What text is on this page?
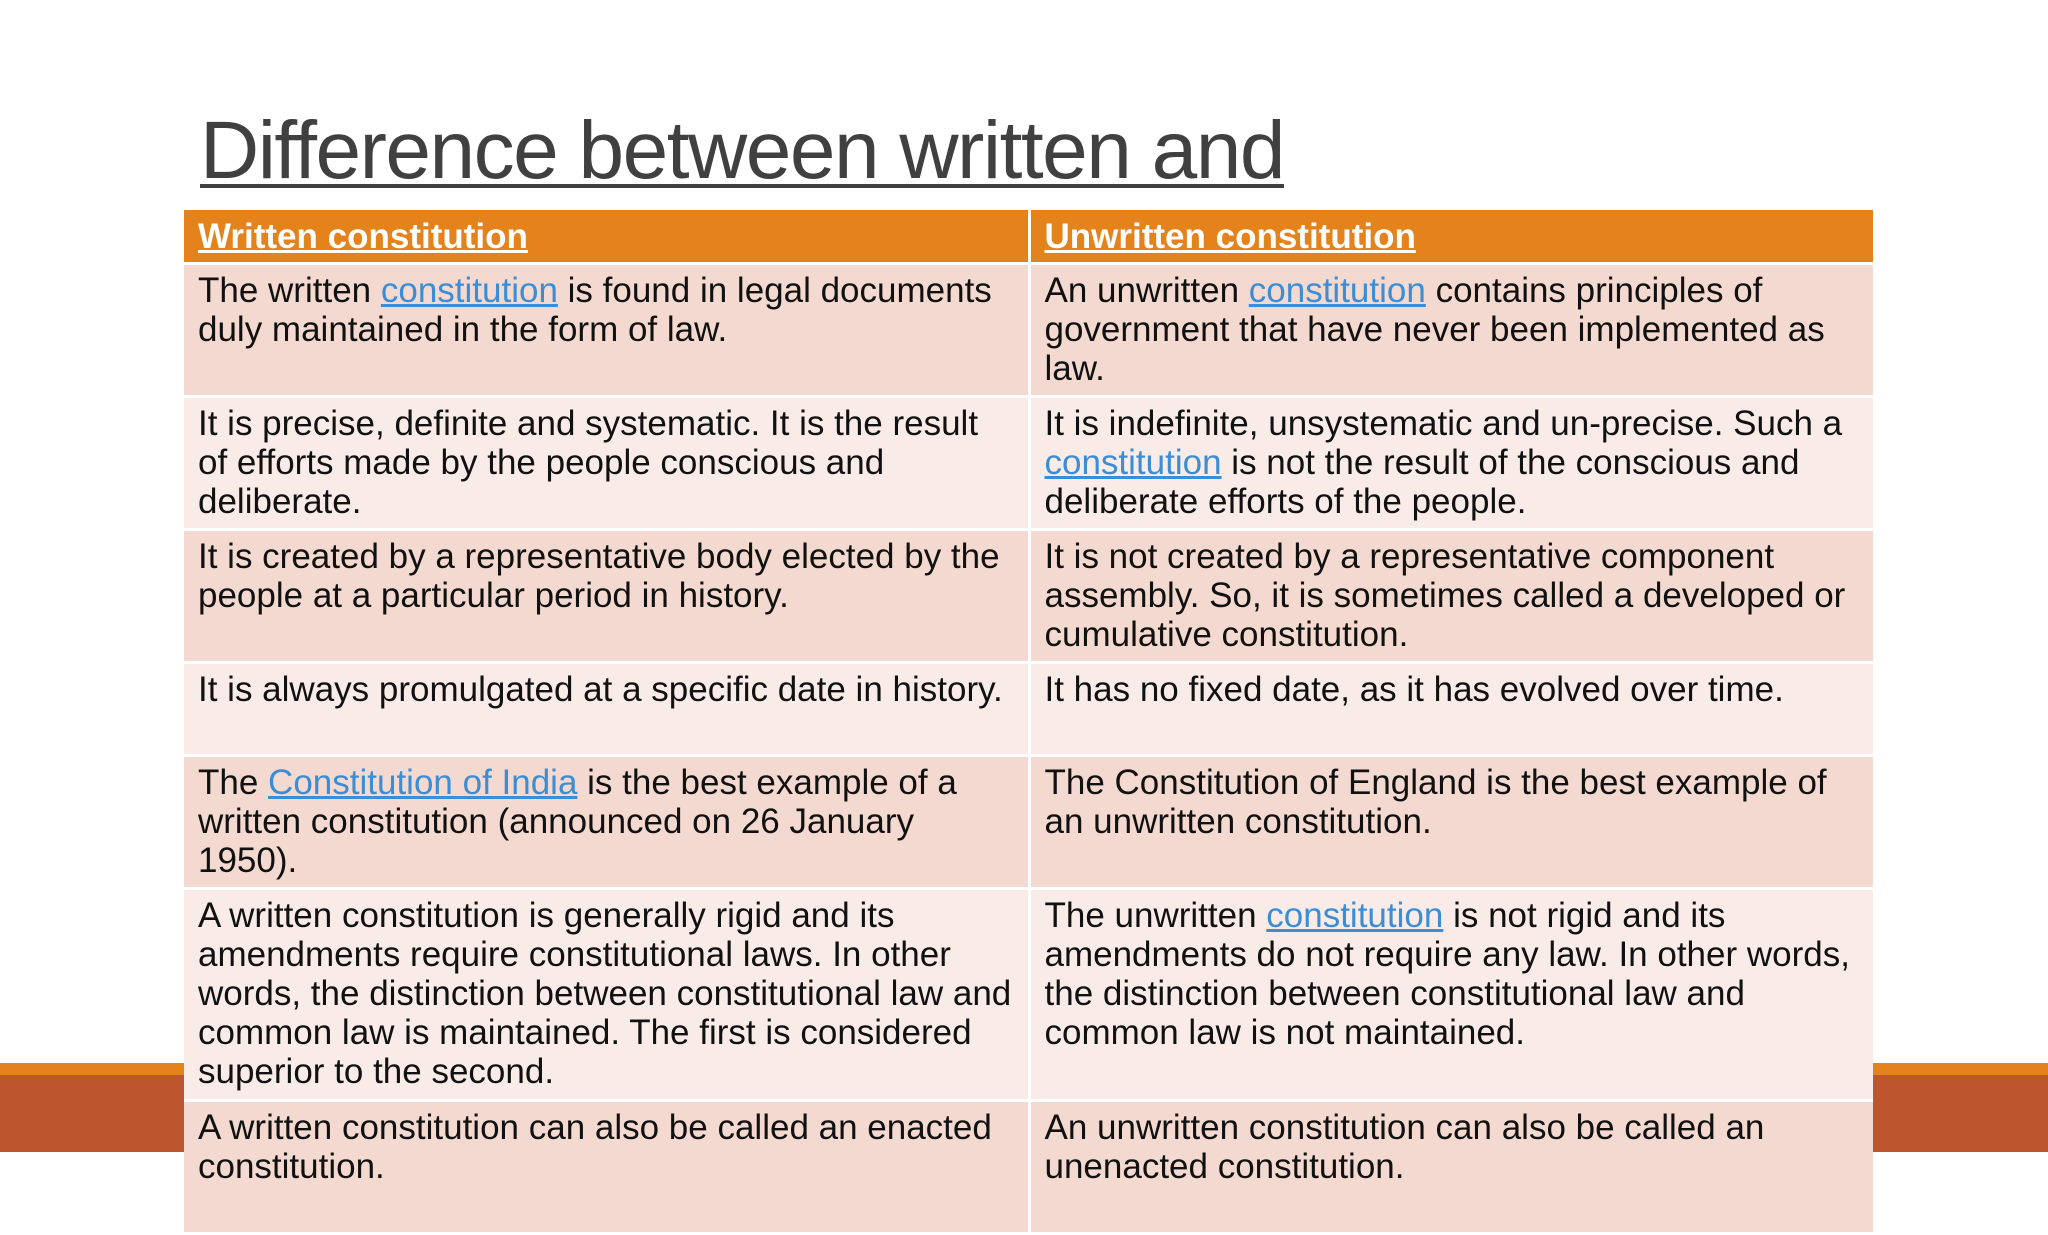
Difference between written and
Written constitution	Unwritten constitution
The written constitution is found in legal documents duly maintained in the form of law.	An unwritten constitution contains principles of government that have never been implemented as law.
It is precise, definite and systematic. It is the result of efforts made by the people conscious and deliberate.	It is indefinite, unsystematic and un-precise. Such a constitution is not the result of the conscious and deliberate efforts of the people.
It is created by a representative body elected by the people at a particular period in history.	It is not created by a representative component assembly. So, it is sometimes called a developed or cumulative constitution.
It is always promulgated at a specific date in history.	It has no fixed date, as it has evolved over time.
The Constitution of India is the best example of a written constitution (announced on 26 January 1950).	The Constitution of England is the best example of an unwritten constitution.
A written constitution is generally rigid and its amendments require constitutional laws. In other words, the distinction between constitutional law and common law is maintained. The first is considered superior to the second.	The unwritten constitution is not rigid and its amendments do not require any law. In other words, the distinction between constitutional law and common law is not maintained.
A written constitution can also be called an enacted constitution.	An unwritten constitution can also be called an unenacted constitution.
